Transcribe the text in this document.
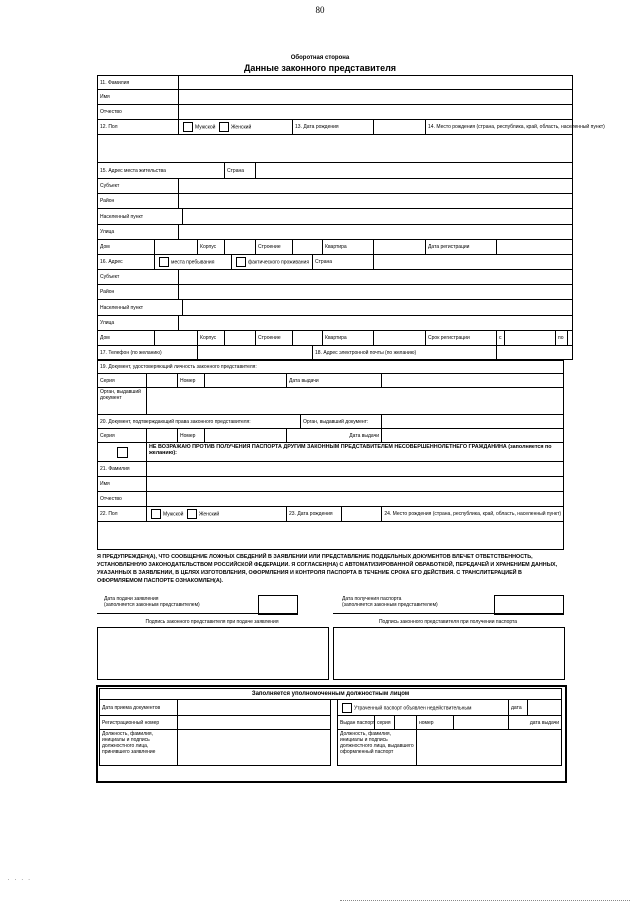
80
Оборотная сторона
Данные законного представителя
11. Фамилия																
Имя																
Отчество																
12. Пол		Мужской Женский						13. Дата рождения				14. Место рождения (страна, республика, край, область, населенный пункт)				

15. Адрес места жительства					Страна											
Субъект																
Район																
Населенный пункт																
Улица																
Дом				Корпус			Строение			Квартира		Дата регистрации				
16. Адрес	места пребывания					фактического проживания			Страна							
Субъект																
Район																
Населенный пункт																
Улица																
Дом				Корпус			Строение			Квартира		Срок регистрации	с		по	
17. Телефон (по желанию)									18. Адрес электронной почты (по желанию)							
19. Документ, удостоверяющий личность законного представителя:							
Серия		Номер		Дата выдачи			
Орган, выдавший документ							
20. Документ, подтверждающий права законного представителя:					Орган, выдавший документ:		
Серия		Номер		Дата выдачи			
	НЕ ВОЗРАЖАЮ ПРОТИВ ПОЛУЧЕНИЯ ПАСПОРТА ДРУГИМ ЗАКОННЫМ ПРЕДСТАВИТЕЛЕМ НЕСОВЕРШЕННОЛЕТНЕГО ГРАЖДАНИНА (заполняется по желанию):						
21. Фамилия							
Имя							
Отчество							
22. Пол	Мужской Женский			23. Дата рождения			24. Место рождения (страна, республика, край, область, населенный пункт)

Я ПРЕДУПРЕЖДЕН(А), ЧТО СООБЩЕНИЕ ЛОЖНЫХ СВЕДЕНИЙ В ЗАЯВЛЕНИИ ИЛИ ПРЕДСТАВЛЕНИЕ ПОДДЕЛЬНЫХ ДОКУМЕНТОВ ВЛЕЧЕТ ОТВЕТСТВЕННОСТЬ, УСТАНОВЛЕННУЮ ЗАКОНОДАТЕЛЬСТВОМ РОССИЙСКОЙ ФЕДЕРАЦИИ. Я СОГЛАСЕН(НА) С АВТОМАТИЗИРОВАННОЙ ОБРАБОТКОЙ, ПЕРЕДАЧЕЙ И ХРАНЕНИЕМ ДАННЫХ, УКАЗАННЫХ В ЗАЯВЛЕНИИ, В ЦЕЛЯХ ИЗГОТОВЛЕНИЯ, ОФОРМЛЕНИЯ И КОНТРОЛЯ ПАСПОРТА В ТЕЧЕНИЕ СРОКА ЕГО ДЕЙСТВИЯ. С ТРАНСЛИТЕРАЦИЕЙ В ОФОРМЛЯЕМОМ ПАСПОРТЕ ОЗНАКОМЛЕН(А).
Дата подачи заявления
(заполняется законным представителем)
Дата получения паспорта
(заполняется законным представителем)
Подпись законного представителя при подаче заявления	Подпись законного представителя при получении паспорта
Заполняется уполномоченным должностным лицом									
Дата приема документов			Утраченный паспорт объявлен недействительным					дата	
Регистрационный номер			Выдан паспорт	серия		номер		дата выдачи	
Должность, фамилия, инициалы и подпись должностного лица, принявшего заявление			Должность, фамилия, инициалы и подпись должностного лица, выдавшего оформленный паспорт						
. . . .
